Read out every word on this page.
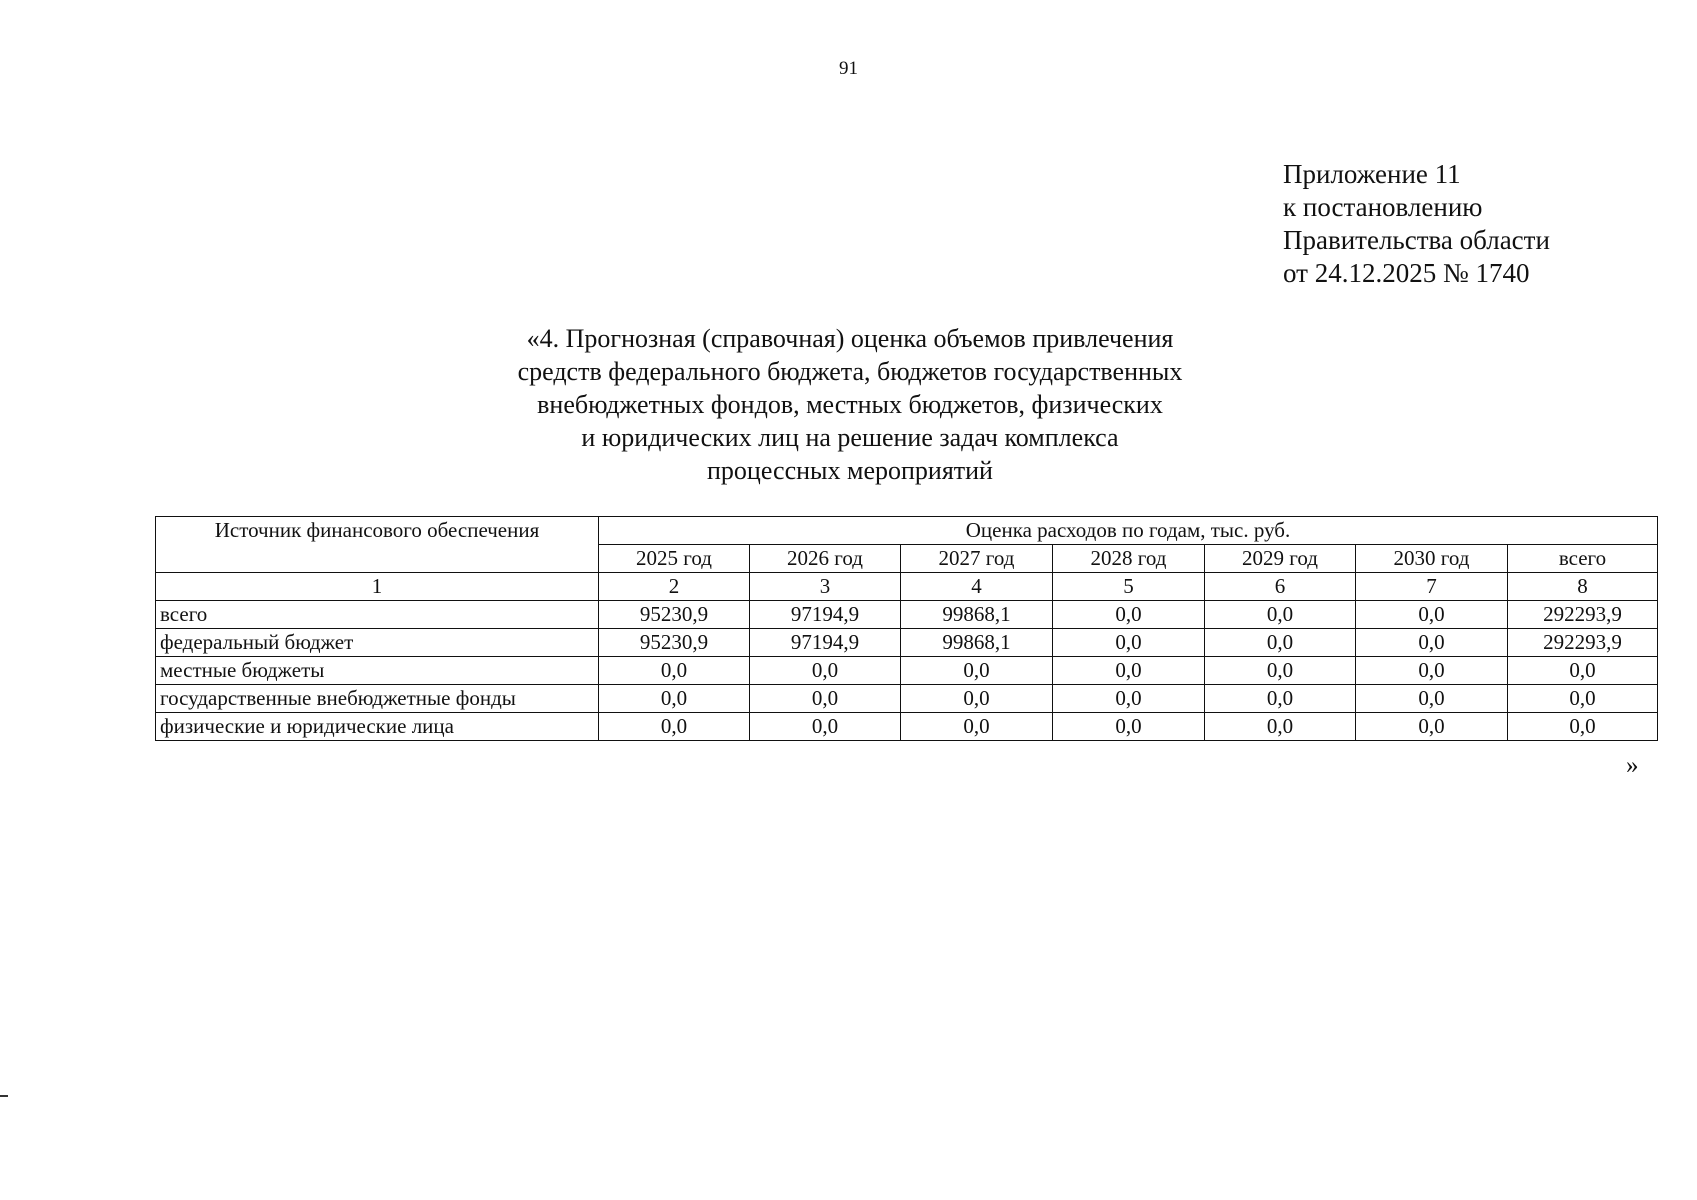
91
Приложение 11
к постановлению
Правительства области
от 24.12.2025 № 1740
«4. Прогнозная (справочная) оценка объемов привлечения
средств федерального бюджета, бюджетов государственных
внебюджетных фондов, местных бюджетов, физических
и юридических лиц на решение задач комплекса
процессных мероприятий
Источник финансового обеспечения	Оценка расходов по годам, тыс. руб.						
	2025 год	2026 год	2027 год	2028 год	2029 год	2030 год	всего
1	2	3	4	5	6	7	8
всего	95230,9	97194,9	99868,1	0,0	0,0	0,0	292293,9
федеральный бюджет	95230,9	97194,9	99868,1	0,0	0,0	0,0	292293,9
местные бюджеты	0,0	0,0	0,0	0,0	0,0	0,0	0,0
государственные внебюджетные фонды	0,0	0,0	0,0	0,0	0,0	0,0	0,0
физические и юридические лица	0,0	0,0	0,0	0,0	0,0	0,0	0,0
»
